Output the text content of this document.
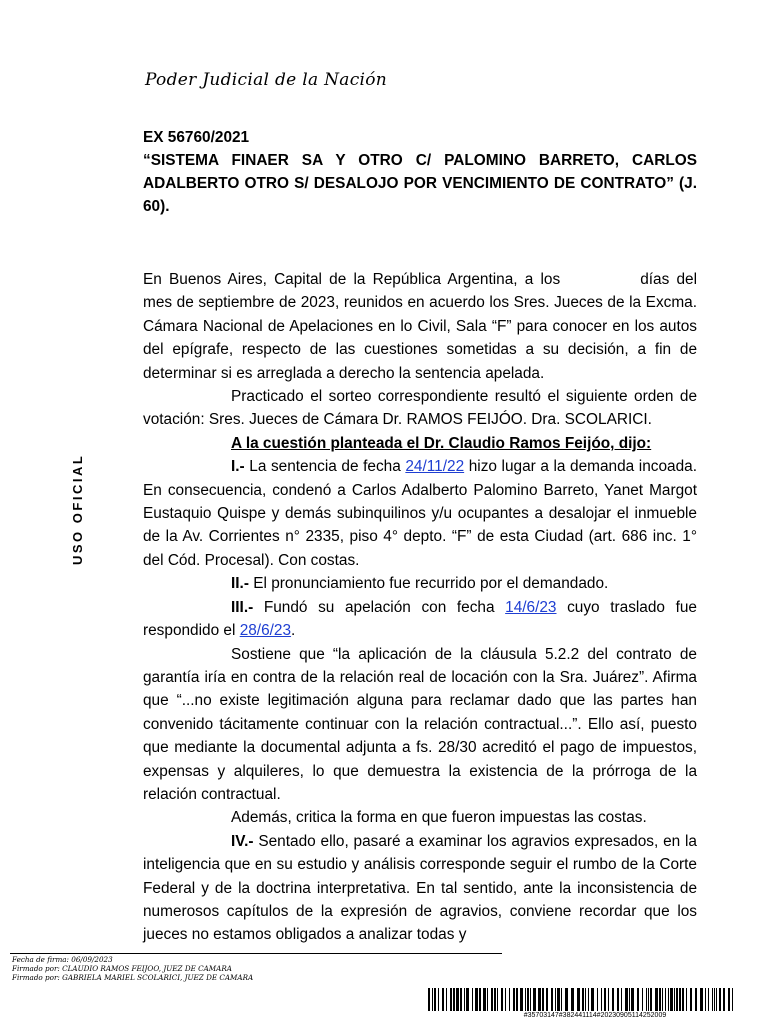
Poder Judicial de la Nación

USO OFICIAL

EX 56760/2021

“SISTEMA FINAER SA Y OTRO C/ PALOMINO BARRETO, CARLOS ADALBERTO OTRO S/ DESALOJO POR VENCIMIENTO DE CONTRATO” (J. 60).

En Buenos Aires, Capital de la República Argentina, a los	días del mes de septiembre de 2023, reunidos en acuerdo los Sres. Jueces de la Excma. Cámara Nacional de Apelaciones en lo Civil, Sala “F” para conocer en los autos del epígrafe, respecto de las cuestiones sometidas a su decisión, a fin de determinar si es arreglada a derecho la sentencia apelada.

Practicado el sorteo correspondiente resultó el siguiente orden de votación: Sres. Jueces de Cámara Dr. RAMOS FEIJÓO. Dra. SCOLARICI.

A la cuestión planteada el Dr. Claudio Ramos Feijóo, dijo:

I.- La sentencia de fecha 24/11/22 hizo lugar a la demanda incoada. En consecuencia, condenó a Carlos Adalberto Palomino Barreto, Yanet Margot Eustaquio Quispe y demás subinquilinos y/u ocupantes a desalojar el inmueble de la Av. Corrientes n° 2335, piso 4° depto. “F” de esta Ciudad (art. 686 inc. 1° del Cód. Procesal). Con costas.

II.- El pronunciamiento fue recurrido por el demandado.

III.- Fundó su apelación con fecha 14/6/23 cuyo traslado fue respondido el 28/6/23.

Sostiene que “la aplicación de la cláusula 5.2.2 del contrato de garantía iría en contra de la relación real de locación con la Sra. Juárez”. Afirma que “...no existe legitimación alguna para reclamar dado que las partes han convenido tácitamente continuar con la relación contractual...”. Ello así, puesto que mediante la documental adjunta a fs. 28/30 acreditó el pago de impuestos, expensas y alquileres, lo que demuestra la existencia de la prórroga de la relación contractual.

Además, critica la forma en que fueron impuestas las costas.

IV.- Sentado ello, pasaré a examinar los agravios expresados, en la inteligencia que en su estudio y análisis corresponde seguir el rumbo de la Corte Federal y de la doctrina interpretativa. En tal sentido, ante la inconsistencia de numerosos capítulos de la expresión de agravios, conviene recordar que los jueces no estamos obligados a analizar todas y

Fecha de firma: 06/09/2023

Firmado por: CLAUDIO RAMOS FEIJOO, JUEZ DE CAMARA

Firmado por: GABRIELA MARIEL SCOLARICI, JUEZ DE CAMARA

#35703147#382441114#20230905114252009
